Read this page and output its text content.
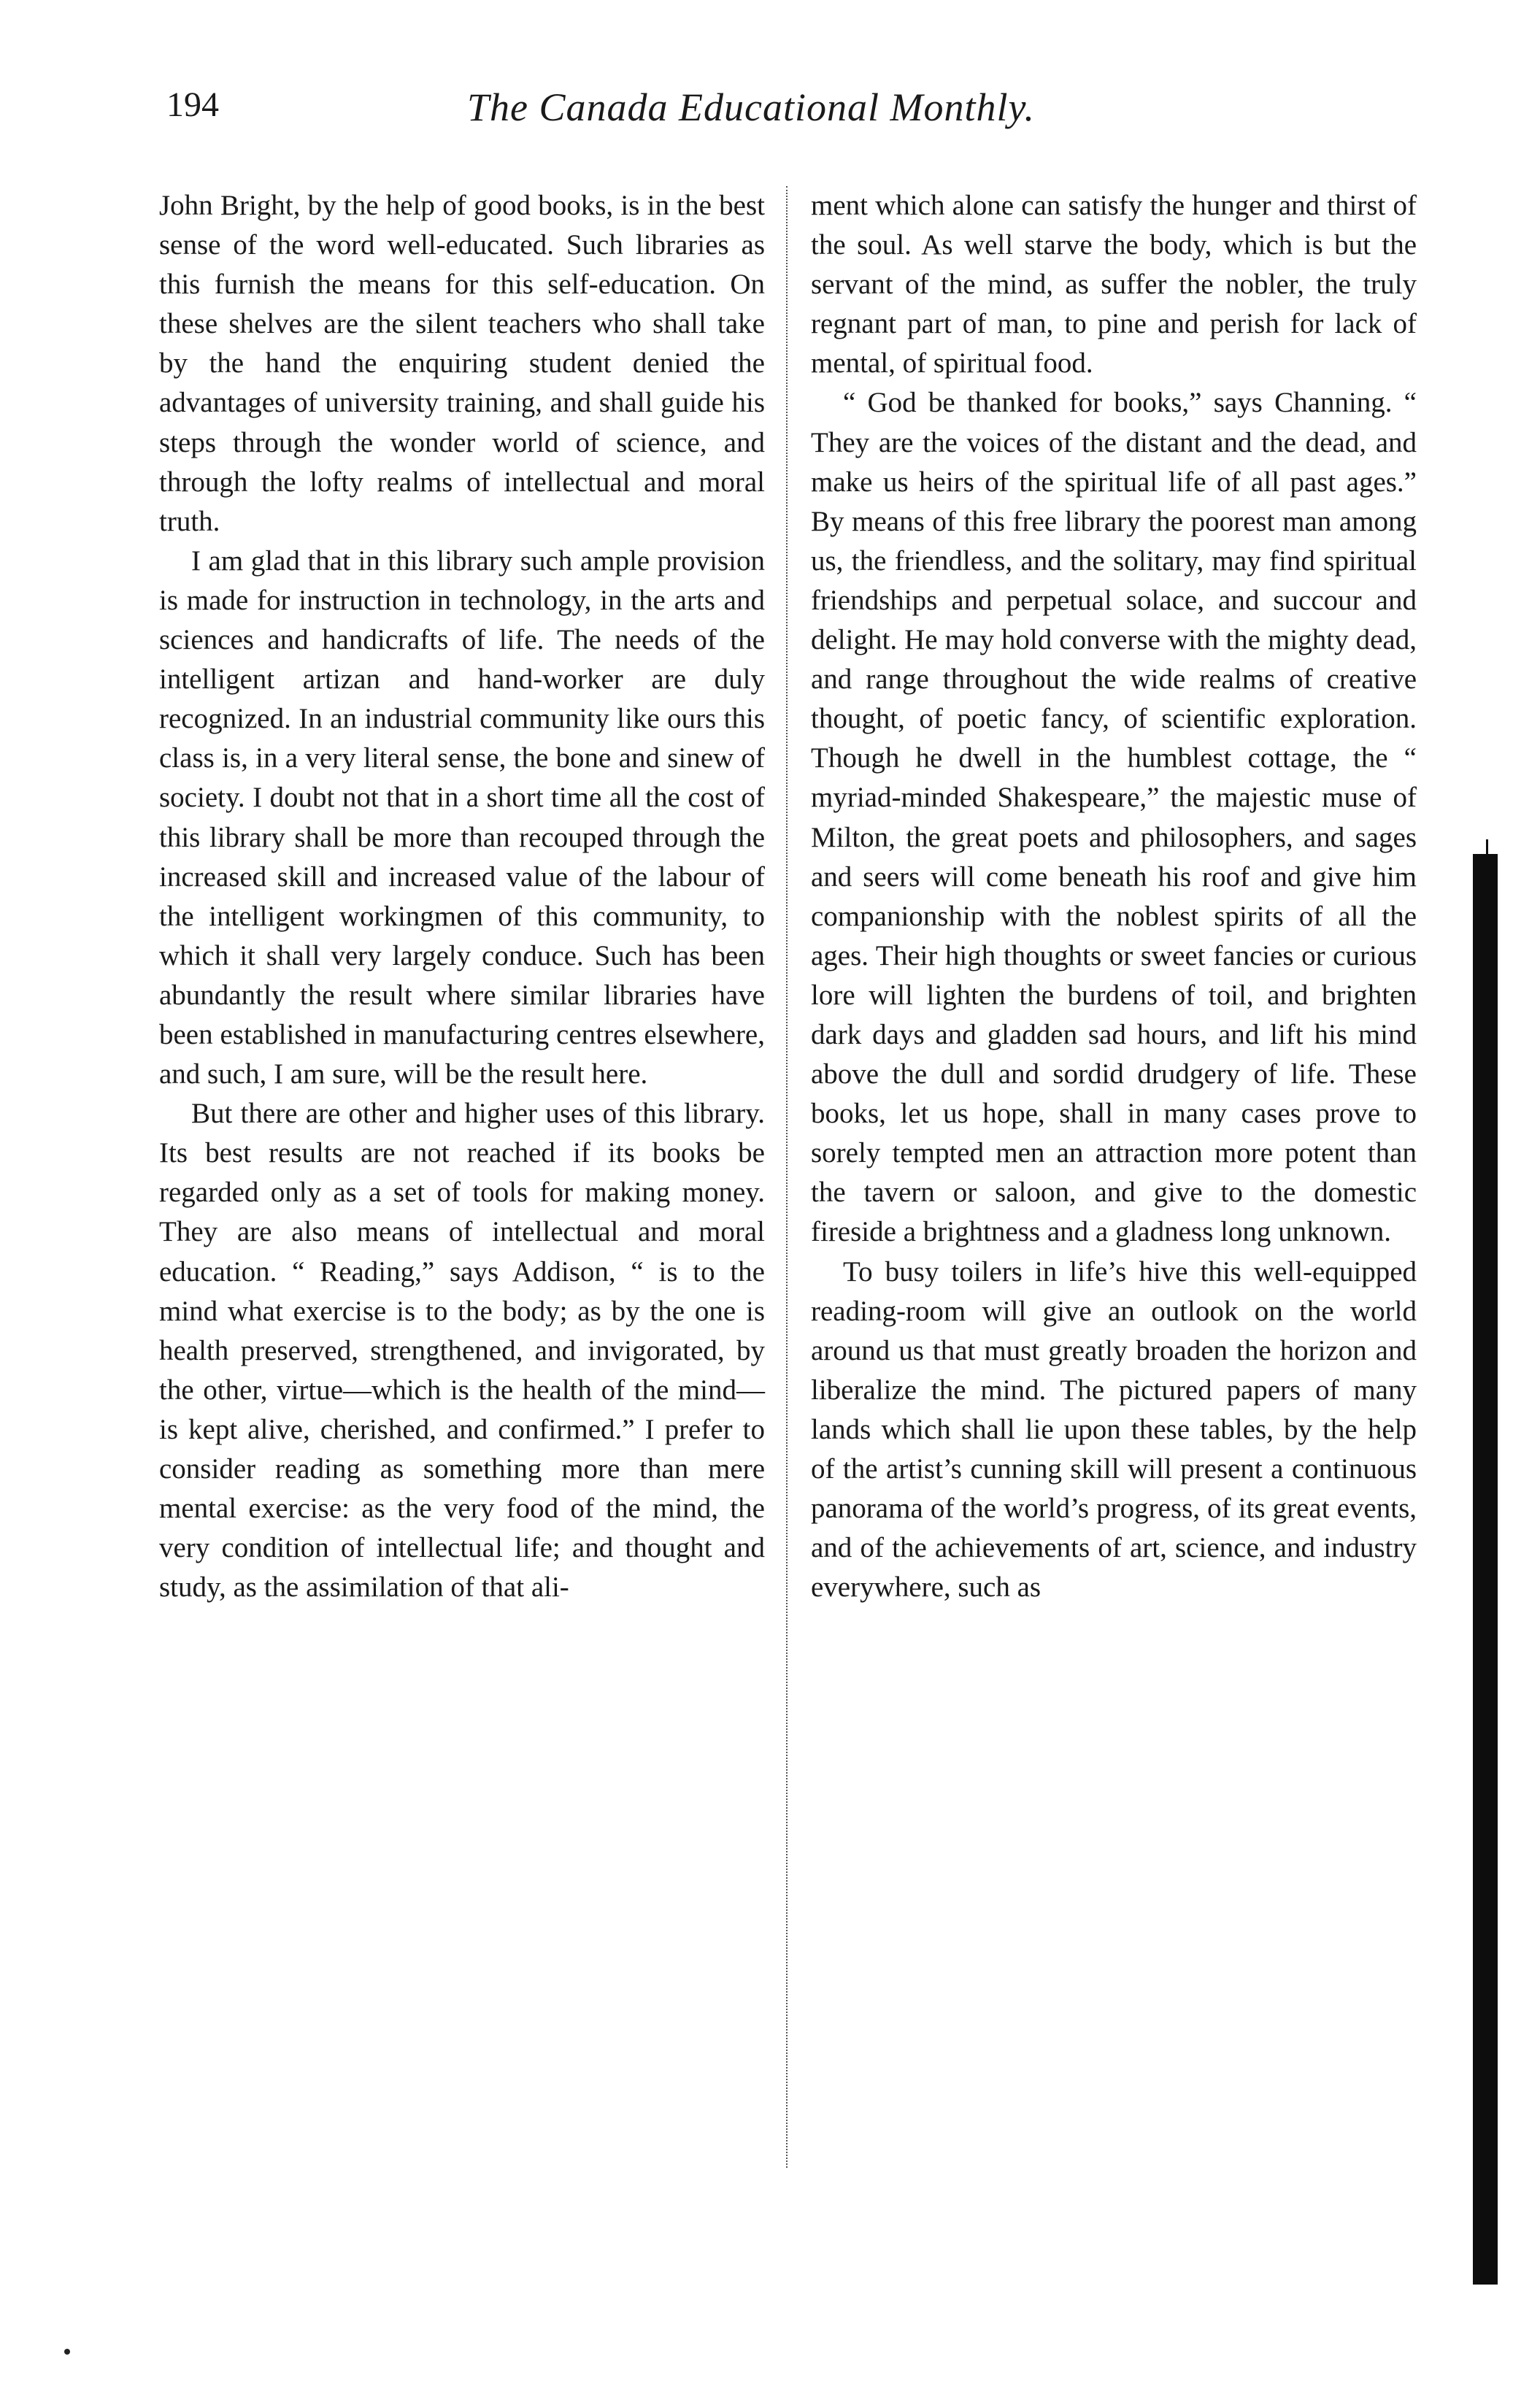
194	The Canada Educational Monthly.

John Bright, by the help of good books, is in the best sense of the word well-educated. Such libraries as this furnish the means for this self-education. On these shelves are the silent teachers who shall take by the hand the enquiring student denied the advantages of university training, and shall guide his steps through the wonder world of science, and through the lofty realms of intellectual and moral truth.

I am glad that in this library such ample provision is made for instruction in technology, in the arts and sciences and handicrafts of life. The needs of the intelligent artizan and hand-worker are duly recognized. In an industrial community like ours this class is, in a very literal sense, the bone and sinew of society. I doubt not that in a short time all the cost of this library shall be more than recouped through the increased skill and increased value of the labour of the intelligent workingmen of this community, to which it shall very largely conduce. Such has been abundantly the result where similar libraries have been established in manufacturing centres elsewhere, and such, I am sure, will be the result here.

But there are other and higher uses of this library. Its best results are not reached if its books be regarded only as a set of tools for making money. They are also means of intellectual and moral education. “ Reading,” says Addison, “ is to the mind what exercise is to the body; as by the one is health preserved, strengthened, and invigorated, by the other, virtue—which is the health of the mind—is kept alive, cherished, and confirmed.” I prefer to consider reading as something more than mere mental exercise: as the very food of the mind, the very condition of intellectual life; and thought and study, as the assimilation of that ali-

ment which alone can satisfy the hunger and thirst of the soul. As well starve the body, which is but the servant of the mind, as suffer the nobler, the truly regnant part of man, to pine and perish for lack of mental, of spiritual food.

“ God be thanked for books,” says Channing. “ They are the voices of the distant and the dead, and make us heirs of the spiritual life of all past ages.” By means of this free library the poorest man among us, the friendless, and the solitary, may find spiritual friendships and perpetual solace, and succour and delight. He may hold converse with the mighty dead, and range throughout the wide realms of creative thought, of poetic fancy, of scientific exploration. Though he dwell in the humblest cottage, the “ myriad-minded Shakespeare,” the majestic muse of Milton, the great poets and philosophers, and sages and seers will come beneath his roof and give him companionship with the noblest spirits of all the ages. Their high thoughts or sweet fancies or curious lore will lighten the burdens of toil, and brighten dark days and gladden sad hours, and lift his mind above the dull and sordid drudgery of life. These books, let us hope, shall in many cases prove to sorely tempted men an attraction more potent than the tavern or saloon, and give to the domestic fireside a brightness and a gladness long unknown.

To busy toilers in life’s hive this well-equipped reading-room will give an outlook on the world around us that must greatly broaden the horizon and liberalize the mind. The pictured papers of many lands which shall lie upon these tables, by the help of the artist’s cunning skill will present a continuous panorama of the world’s progress, of its great events, and of the achievements of art, science, and industry everywhere, such as
